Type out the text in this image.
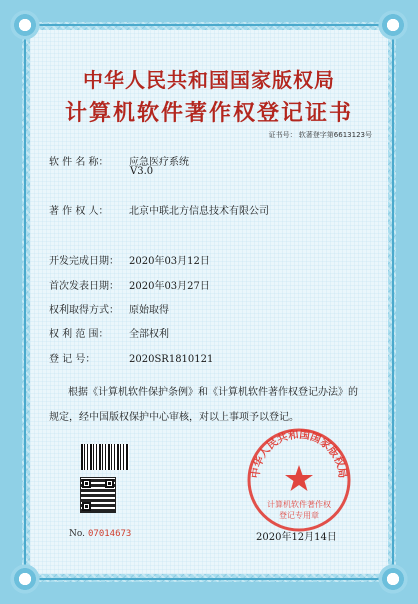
中华人民共和国国家版权局
计算机软件著作权登记证书
证书号： 软著登字第6613123号
软 件 名 称： 应急医疗系统
V3.0
著 作 权 人： 北京中联北方信息技术有限公司
开发完成日期： 2020年03月12日
首次发表日期： 2020年03月27日
权利取得方式： 原始取得
权 利 范 围： 全部权利
登 记 号：	2020SR1810121
根据《计算机软件保护条例》和《计算机软件著作权登记办法》的
规定，经中国版权保护中心审核，对以上事项予以登记。
No. 07014673
中华人民共和国国家版权局
计算机软件著作权
登记专用章
2020年12月14日
